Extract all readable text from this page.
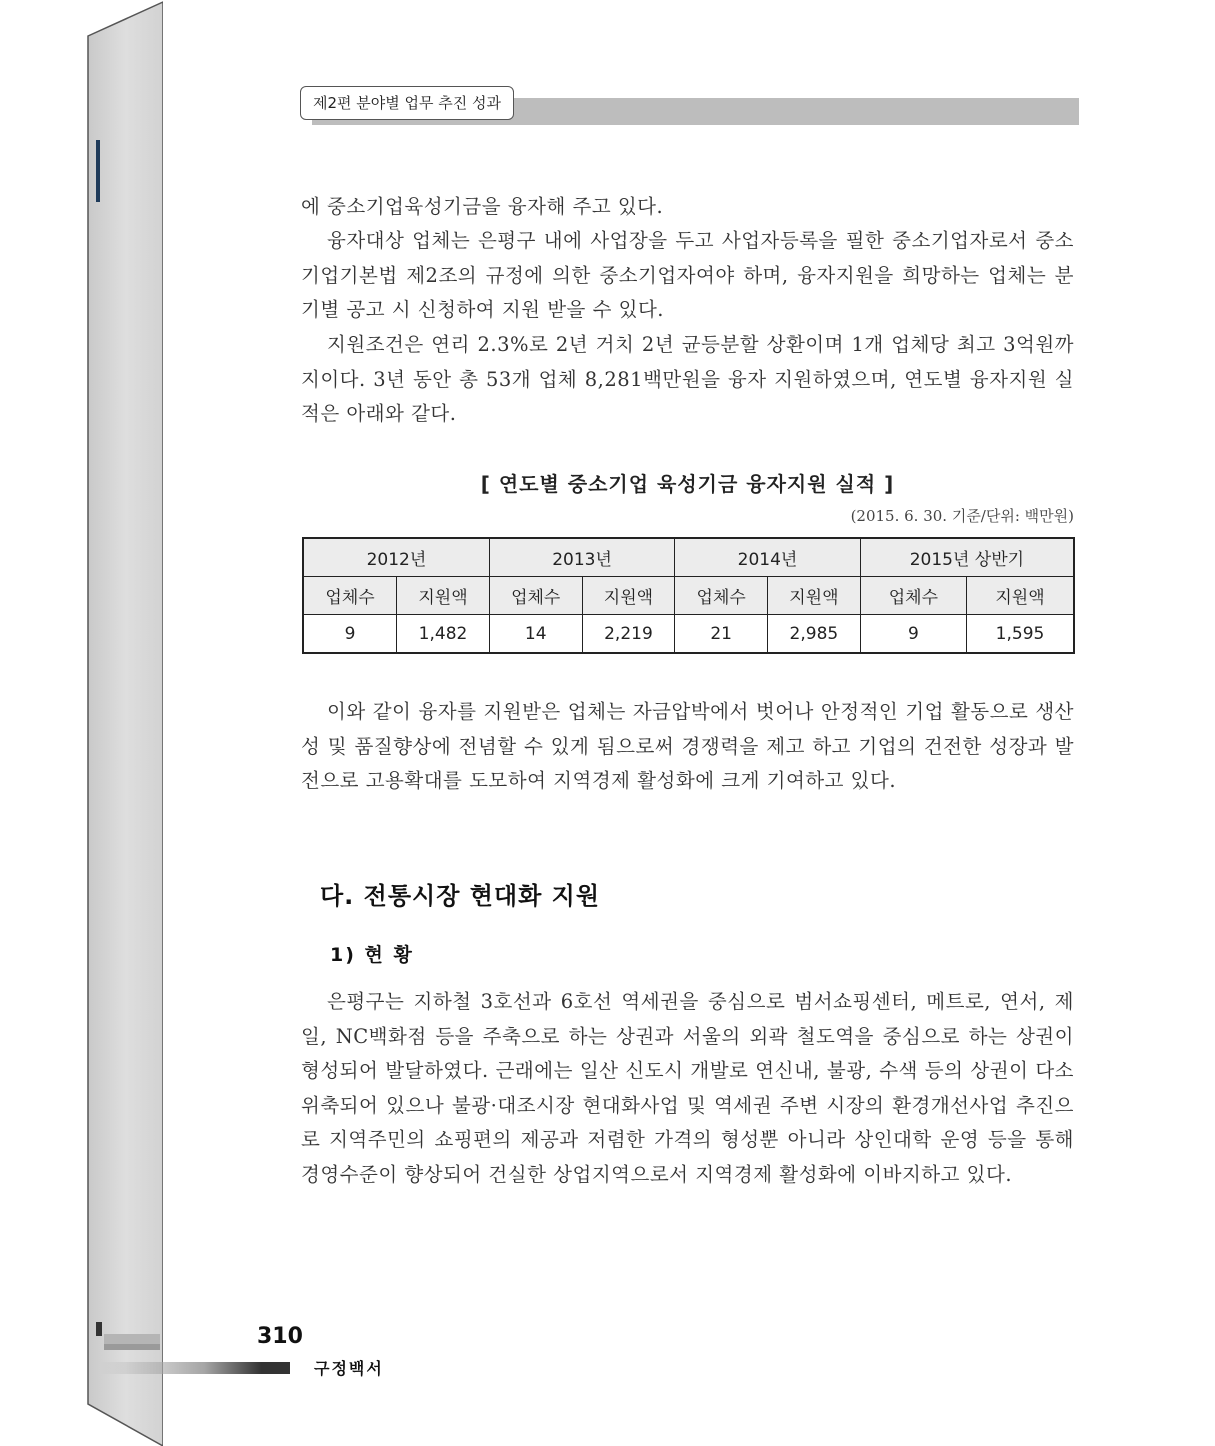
제2편 분야별 업무 추진 성과
에 중소기업육성기금을 융자해 주고 있다.
융자대상 업체는 은평구 내에 사업장을 두고 사업자등록을 필한 중소기업자로서 중소기업기본법 제2조의 규정에 의한 중소기업자여야 하며, 융자지원을 희망하는 업체는 분기별 공고 시 신청하여 지원 받을 수 있다.
지원조건은 연리 2.3%로 2년 거치 2년 균등분할 상환이며 1개 업체당 최고 3억원까지이다. 3년 동안 총 53개 업체 8,281백만원을 융자 지원하였으며, 연도별 융자지원 실적은 아래와 같다.
[ 연도별 중소기업 육성기금 융자지원 실적 ]
(2015. 6. 30. 기준/단위: 백만원)
2012년		2013년		2014년		2015년 상반기	
업체수	지원액	업체수	지원액	업체수	지원액	업체수	지원액
9	1,482	14	2,219	21	2,985	9	1,595
이와 같이 융자를 지원받은 업체는 자금압박에서 벗어나 안정적인 기업 활동으로 생산성 및 품질향상에 전념할 수 있게 됨으로써 경쟁력을 제고 하고 기업의 건전한 성장과 발전으로 고용확대를 도모하여 지역경제 활성화에 크게 기여하고 있다.
다. 전통시장 현대화 지원
1) 현 황
은평구는 지하철 3호선과 6호선 역세권을 중심으로 범서쇼핑센터, 메트로, 연서, 제일, NC백화점 등을 주축으로 하는 상권과 서울의 외곽 철도역을 중심으로 하는 상권이 형성되어 발달하였다. 근래에는 일산 신도시 개발로 연신내, 불광, 수색 등의 상권이 다소 위축되어 있으나 불광·대조시장 현대화사업 및 역세권 주변 시장의 환경개선사업 추진으로 지역주민의 쇼핑편의 제공과 저렴한 가격의 형성뿐 아니라 상인대학 운영 등을 통해 경영수준이 향상되어 건실한 상업지역으로서 지역경제 활성화에 이바지하고 있다.
310
구정백서
